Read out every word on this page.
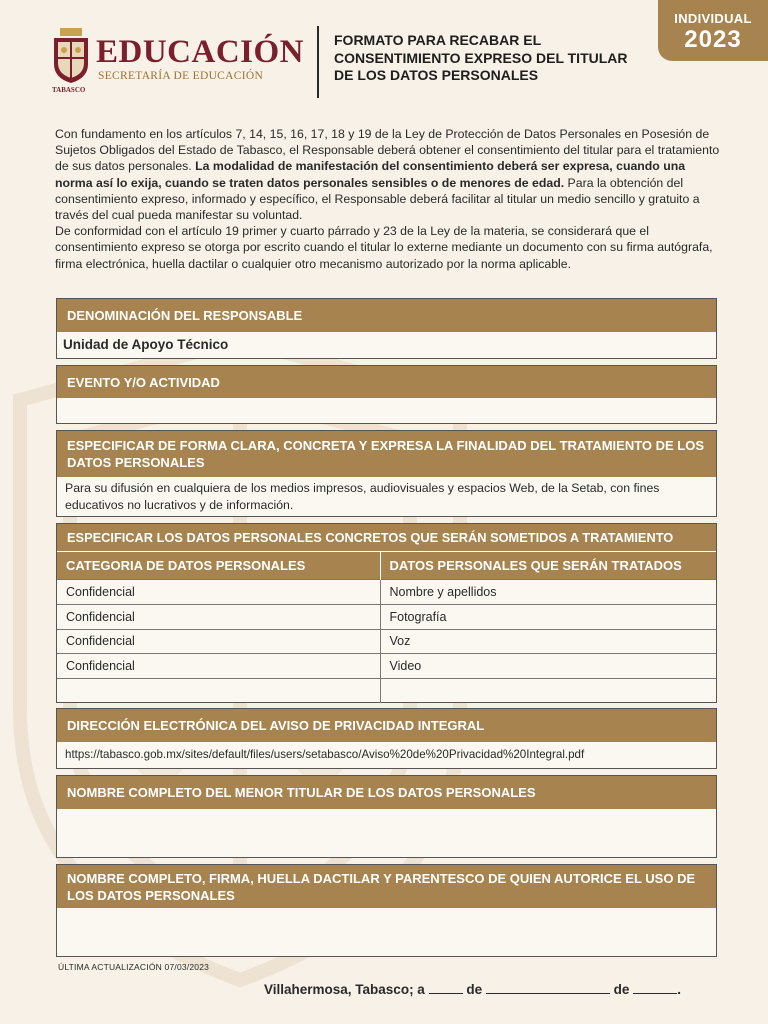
TABASCO
EDUCACIÓN
SECRETARÍA DE EDUCACIÓN
FORMATO PARA RECABAR EL CONSENTIMIENTO EXPRESO DEL TITULAR DE LOS DATOS PERSONALES
INDIVIDUAL
2023
Con fundamento en los artículos 7, 14, 15, 16, 17, 18 y 19 de la Ley de Protección de Datos Personales en Posesión de Sujetos Obligados del Estado de Tabasco, el Responsable deberá obtener el consentimiento del titular para el tratamiento de sus datos personales. La modalidad de manifestación del consentimiento deberá ser expresa, cuando una norma así lo exija, cuando se traten datos personales sensibles o de menores de edad. Para la obtención del consentimiento expreso, informado y específico, el Responsable deberá facilitar al titular un medio sencillo y gratuito a través del cual pueda manifestar su voluntad.
De conformidad con el artículo 19 primer y cuarto párrado y 23 de la Ley de la materia, se considerará que el consentimiento expreso se otorga por escrito cuando el titular lo externe mediante un documento con su firma autógrafa, firma electrónica, huella dactilar o cualquier otro mecanismo autorizado por la norma aplicable.
DENOMINACIÓN DEL RESPONSABLE
Unidad de Apoyo Técnico
EVENTO Y/O ACTIVIDAD
ESPECIFICAR DE FORMA CLARA, CONCRETA Y EXPRESA LA FINALIDAD DEL TRATAMIENTO DE LOS DATOS PERSONALES
Para su difusión en cualquiera de los medios impresos, audiovisuales y espacios Web, de la Setab, con fines educativos no lucrativos y de información.
ESPECIFICAR LOS DATOS PERSONALES CONCRETOS QUE SERÁN SOMETIDOS A TRATAMIENTO
CATEGORIA DE DATOS PERSONALES	DATOS PERSONALES QUE SERÁN TRATADOS
Confidencial	Nombre y apellidos
Confidencial	Fotografía
Confidencial	Voz
Confidencial	Video

DIRECCIÓN ELECTRÓNICA DEL AVISO DE PRIVACIDAD INTEGRAL
https://tabasco.gob.mx/sites/default/files/users/setabasco/Aviso%20de%20Privacidad%20Integral.pdf
NOMBRE COMPLETO DEL MENOR TITULAR DE LOS DATOS PERSONALES
NOMBRE COMPLETO, FIRMA, HUELLA DACTILAR Y PARENTESCO DE QUIEN AUTORICE EL USO DE LOS DATOS PERSONALES
ÚLTIMA ACTUALIZACIÓN 07/03/2023
Villahermosa, Tabasco; a	de	de	.
